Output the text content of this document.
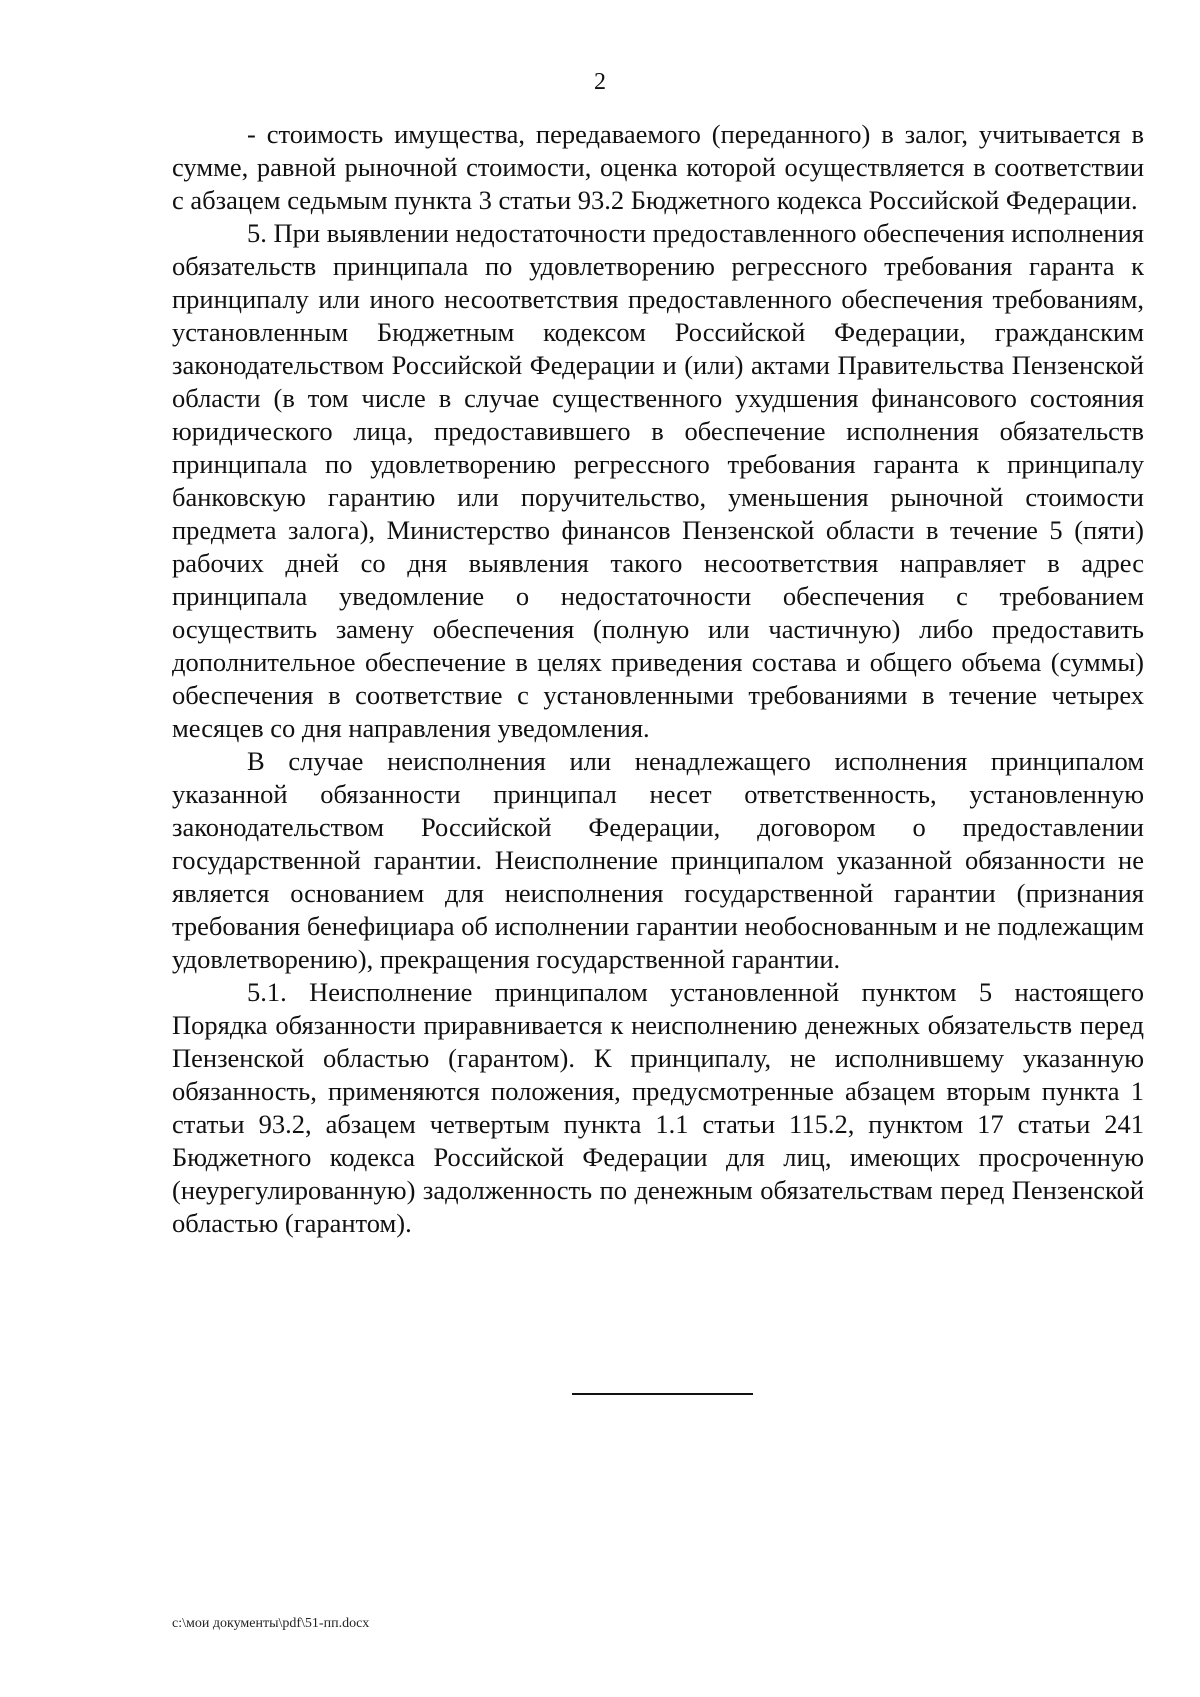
2

- стоимость имущества, передаваемого (переданного) в залог, учитывается в сумме, равной рыночной стоимости, оценка которой осуществляется в соответствии с абзацем седьмым пункта 3 статьи 93.2 Бюджетного кодекса Российской Федерации.

5. При выявлении недостаточности предоставленного обеспечения исполнения обязательств принципала по удовлетворению регрессного требования гаранта к принципалу или иного несоответствия предоставленного обеспечения требованиям, установленным Бюджетным кодексом Российской Федерации, гражданским законодательством Российской Федерации и (или) актами Правительства Пензенской области (в том числе в случае существенного ухудшения финансового состояния юридического лица, предоставившего в обеспечение исполнения обязательств принципала по удовлетворению регрессного требования гаранта к принципалу банковскую гарантию или поручительство, уменьшения рыночной стоимости предмета залога), Министерство финансов Пензенской области в течение 5 (пяти) рабочих дней со дня выявления такого несоответствия направляет в адрес принципала уведомление о недостаточности обеспечения с требованием осуществить замену обеспечения (полную или частичную) либо предоставить дополнительное обеспечение в целях приведения состава и общего объема (суммы) обеспечения в соответствие с установленными требованиями в течение четырех месяцев со дня направления уведомления.

В случае неисполнения или ненадлежащего исполнения принципалом указанной обязанности принципал несет ответственность, установленную законодательством Российской Федерации, договором о предоставлении государственной гарантии. Неисполнение принципалом указанной обязанности не является основанием для неисполнения государственной гарантии (признания требования бенефициара об исполнении гарантии необоснованным и не подлежащим удовлетворению), прекращения государственной гарантии.

5.1. Неисполнение принципалом установленной пунктом 5 настоящего Порядка обязанности приравнивается к неисполнению денежных обязательств перед Пензенской областью (гарантом). К принципалу, не исполнившему указанную обязанность, применяются положения, предусмотренные абзацем вторым пункта 1 статьи 93.2, абзацем четвертым пункта 1.1 статьи 115.2, пунктом 17 статьи 241 Бюджетного кодекса Российской Федерации для лиц, имеющих просроченную (неурегулированную) задолженность по денежным обязательствам перед Пензенской областью (гарантом).

c:\мои документы\pdf\51-пп.docx
